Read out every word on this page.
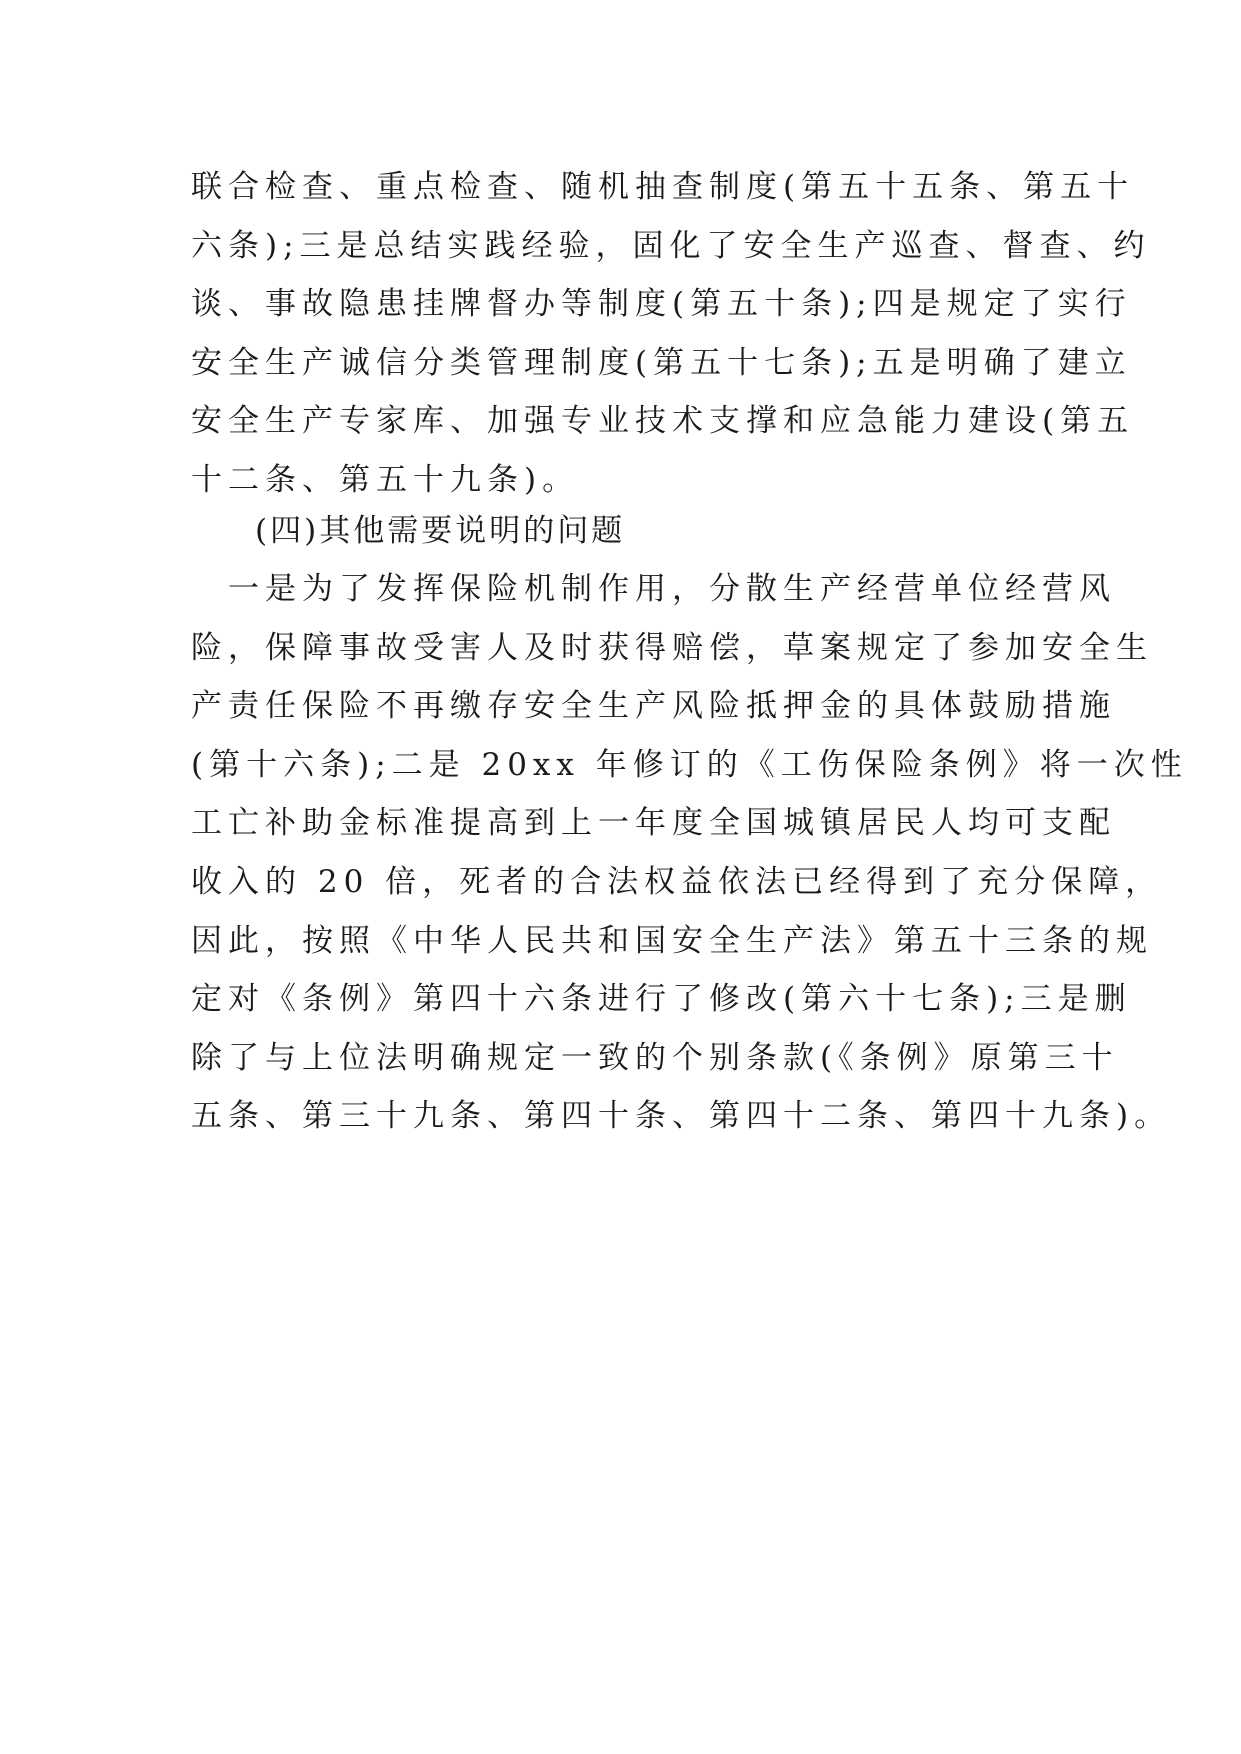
联合检查、重点检查、随机抽查制度(第五十五条、第五十
六条);三是总结实践经验，固化了安全生产巡查、督查、约
谈、事故隐患挂牌督办等制度(第五十条);四是规定了实行
安全生产诚信分类管理制度(第五十七条);五是明确了建立
安全生产专家库、加强专业技术支撑和应急能力建设(第五
十二条、第五十九条)。
(四)其他需要说明的问题
　一是为了发挥保险机制作用，分散生产经营单位经营风
险，保障事故受害人及时获得赔偿，草案规定了参加安全生
产责任保险不再缴存安全生产风险抵押金的具体鼓励措施
(第十六条);二是 20xx 年修订的《工伤保险条例》将一次性
工亡补助金标准提高到上一年度全国城镇居民人均可支配
收入的 20 倍，死者的合法权益依法已经得到了充分保障，
因此，按照《中华人民共和国安全生产法》第五十三条的规
定对《条例》第四十六条进行了修改(第六十七条);三是删
除了与上位法明确规定一致的个别条款(《条例》原第三十
五条、第三十九条、第四十条、第四十二条、第四十九条)。
